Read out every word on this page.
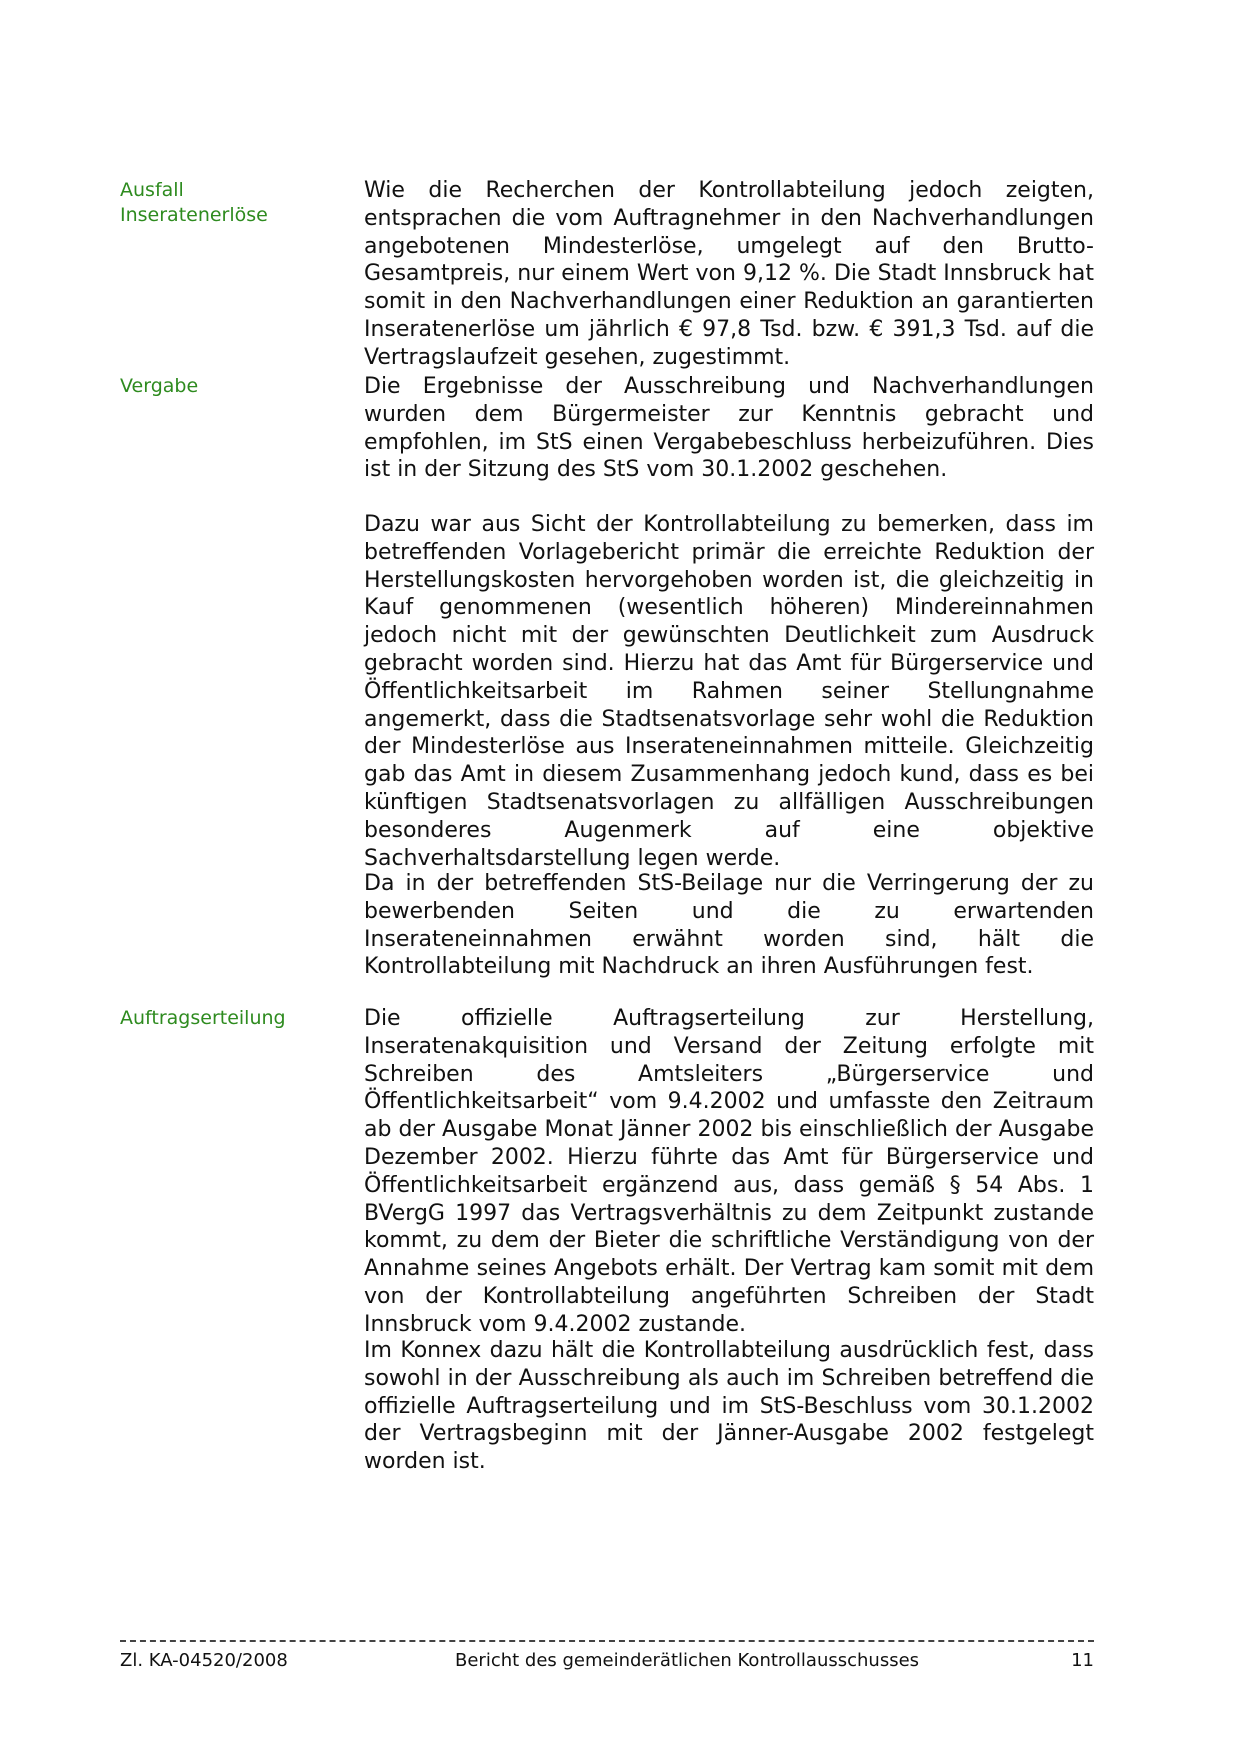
Ausfall
Inseratenerlöse
Wie die Recherchen der Kontrollabteilung jedoch zeigten, entsprachen die vom Auftragnehmer in den Nachverhandlungen angebotenen Mindesterlöse, umgelegt auf den Brutto-Gesamtpreis, nur einem Wert von 9,12 %. Die Stadt Innsbruck hat somit in den Nachverhandlungen einer Reduktion an garantierten Inseratenerlöse um jährlich € 97,8 Tsd. bzw. € 391,3 Tsd. auf die Vertragslaufzeit gesehen, zugestimmt.
Vergabe	Die Ergebnisse der Ausschreibung und Nachverhandlungen wurden dem Bürgermeister zur Kenntnis gebracht und empfohlen, im StS einen Vergabebeschluss herbeizuführen. Dies ist in der Sitzung des StS vom 30.1.2002 geschehen.
Dazu war aus Sicht der Kontrollabteilung zu bemerken, dass im betreffenden Vorlagebericht primär die erreichte Reduktion der Herstellungskosten hervorgehoben worden ist, die gleichzeitig in Kauf genommenen (wesentlich höheren) Mindereinnahmen jedoch nicht mit der gewünschten Deutlichkeit zum Ausdruck gebracht worden sind. Hierzu hat das Amt für Bürgerservice und Öffentlichkeitsarbeit im Rahmen seiner Stellungnahme angemerkt, dass die Stadtsenatsvorlage sehr wohl die Reduktion der Mindesterlöse aus Inserateneinnahmen mitteile. Gleichzeitig gab das Amt in diesem Zusammenhang jedoch kund, dass es bei künftigen Stadtsenatsvorlagen zu allfälligen Ausschreibungen besonderes Augenmerk auf eine objektive Sachverhaltsdarstellung legen werde.
Da in der betreffenden StS-Beilage nur die Verringerung der zu bewerbenden Seiten und die zu erwartenden Inserateneinnahmen erwähnt worden sind, hält die Kontrollabteilung mit Nachdruck an ihren Ausführungen fest.
Auftragserteilung	Die offizielle Auftragserteilung zur Herstellung, Inseratenakquisition und Versand der Zeitung erfolgte mit Schreiben des Amtsleiters „Bürgerservice und Öffentlichkeitsarbeit“ vom 9.4.2002 und umfasste den Zeitraum ab der Ausgabe Monat Jänner 2002 bis einschließlich der Ausgabe Dezember 2002. Hierzu führte das Amt für Bürgerservice und Öffentlichkeitsarbeit ergänzend aus, dass gemäß § 54 Abs. 1 BVergG 1997 das Vertragsverhältnis zu dem Zeitpunkt zustande kommt, zu dem der Bieter die schriftliche Verständigung von der Annahme seines Angebots erhält. Der Vertrag kam somit mit dem von der Kontrollabteilung angeführten Schreiben der Stadt Innsbruck vom 9.4.2002 zustande.
Im Konnex dazu hält die Kontrollabteilung ausdrücklich fest, dass sowohl in der Ausschreibung als auch im Schreiben betreffend die offizielle Auftragserteilung und im StS-Beschluss vom 30.1.2002 der Vertragsbeginn mit der Jänner-Ausgabe 2002 festgelegt worden ist.
Zl. KA-04520/2008	Bericht des gemeinderätlichen Kontrollausschusses	11
